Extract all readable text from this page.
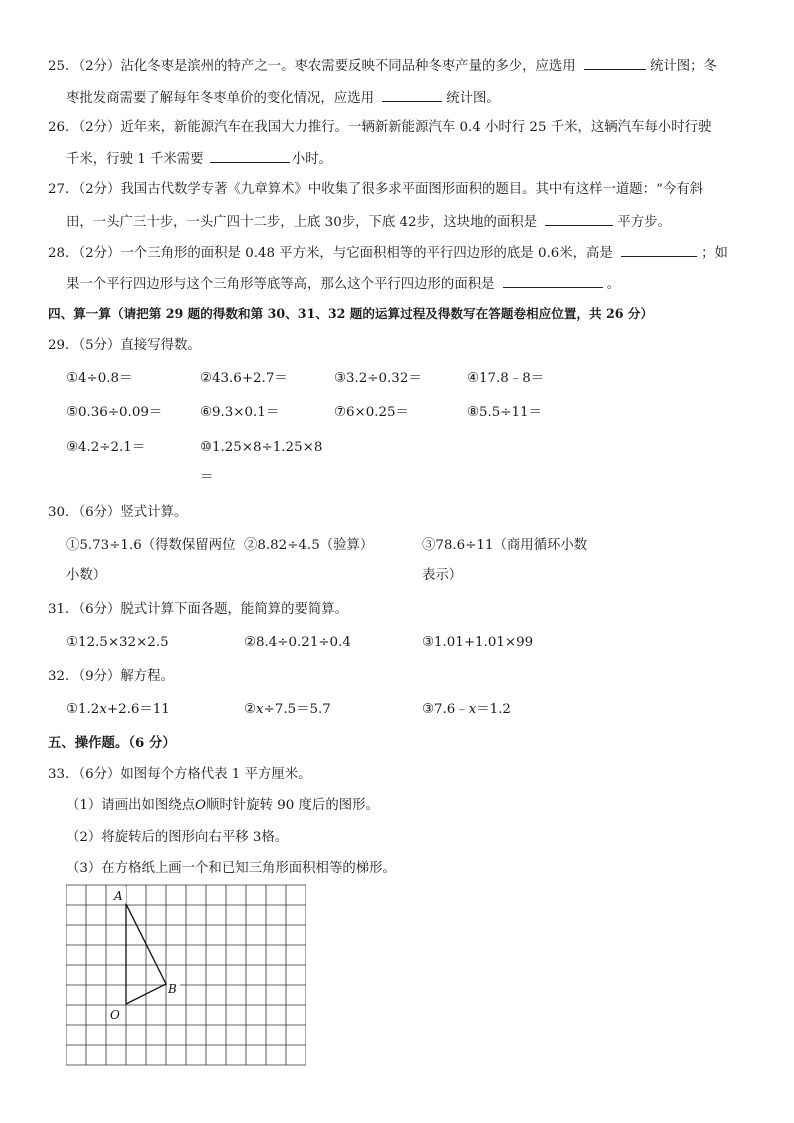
25．（2分）沾化冬枣是滨州的特产之一。枣农需要反映不同品种冬枣产量的多少，应选用	统计图；冬
枣批发商需要了解每年冬枣单价的变化情况，应选用	统计图。
26．（2分）近年来，新能源汽车在我国大力推行。一辆新新能源汽车 0.4 小时行 25 千米，这辆汽车每小时行驶
千米，行驶 1 千米需要	小时。
27．（2分）我国古代数学专著《九章算术》中收集了很多求平面图形面积的题目。其中有这样一道题：“今有斜
田，一头广三十步，一头广四十二步，上底 30步，下底 42步，这块地的面积是	平方步。
28．（2分）一个三角形的面积是 0.48 平方米，与它面积相等的平行四边形的底是 0.6米，高是	；如
果一个平行四边形与这个三角形等底等高，那么这个平行四边形的面积是	。
四、算一算（请把第 29 题的得数和第 30、31、32 题的运算过程及得数写在答题卷相应位置，共 26 分）
29．（5分）直接写得数。
①4÷0.8＝	②43.6+2.7＝	③3.2÷0.32＝	④17.8﹣8＝
⑤0.36÷0.09＝	⑥9.3×0.1＝	⑦6×0.25＝	⑧5.5÷11＝
⑨4.2÷2.1＝	⑩1.25×8÷1.25×8
＝
30．（6分）竖式计算。
①5.73÷1.6（得数保留两位
小数）
②8.82÷4.5（验算）	③78.6÷11（商用循环小数
表示）
31．（6分）脱式计算下面各题，能简算的要简算。
①12.5×32×2.5	②8.4÷0.21÷0.4	③1.01+1.01×99
32．（9分）解方程。
①1.2x+2.6＝11	②x÷7.5＝5.7	③7.6﹣x＝1.2
五、操作题。（6 分）
33．（6分）如图每个方格代表 1 平方厘米。
（1）请画出如图绕点O顺时针旋转 90 度后的图形。
（2）将旋转后的图形向右平移 3格。
（3）在方格纸上画一个和已知三角形面积相等的梯形。
A
B
O
